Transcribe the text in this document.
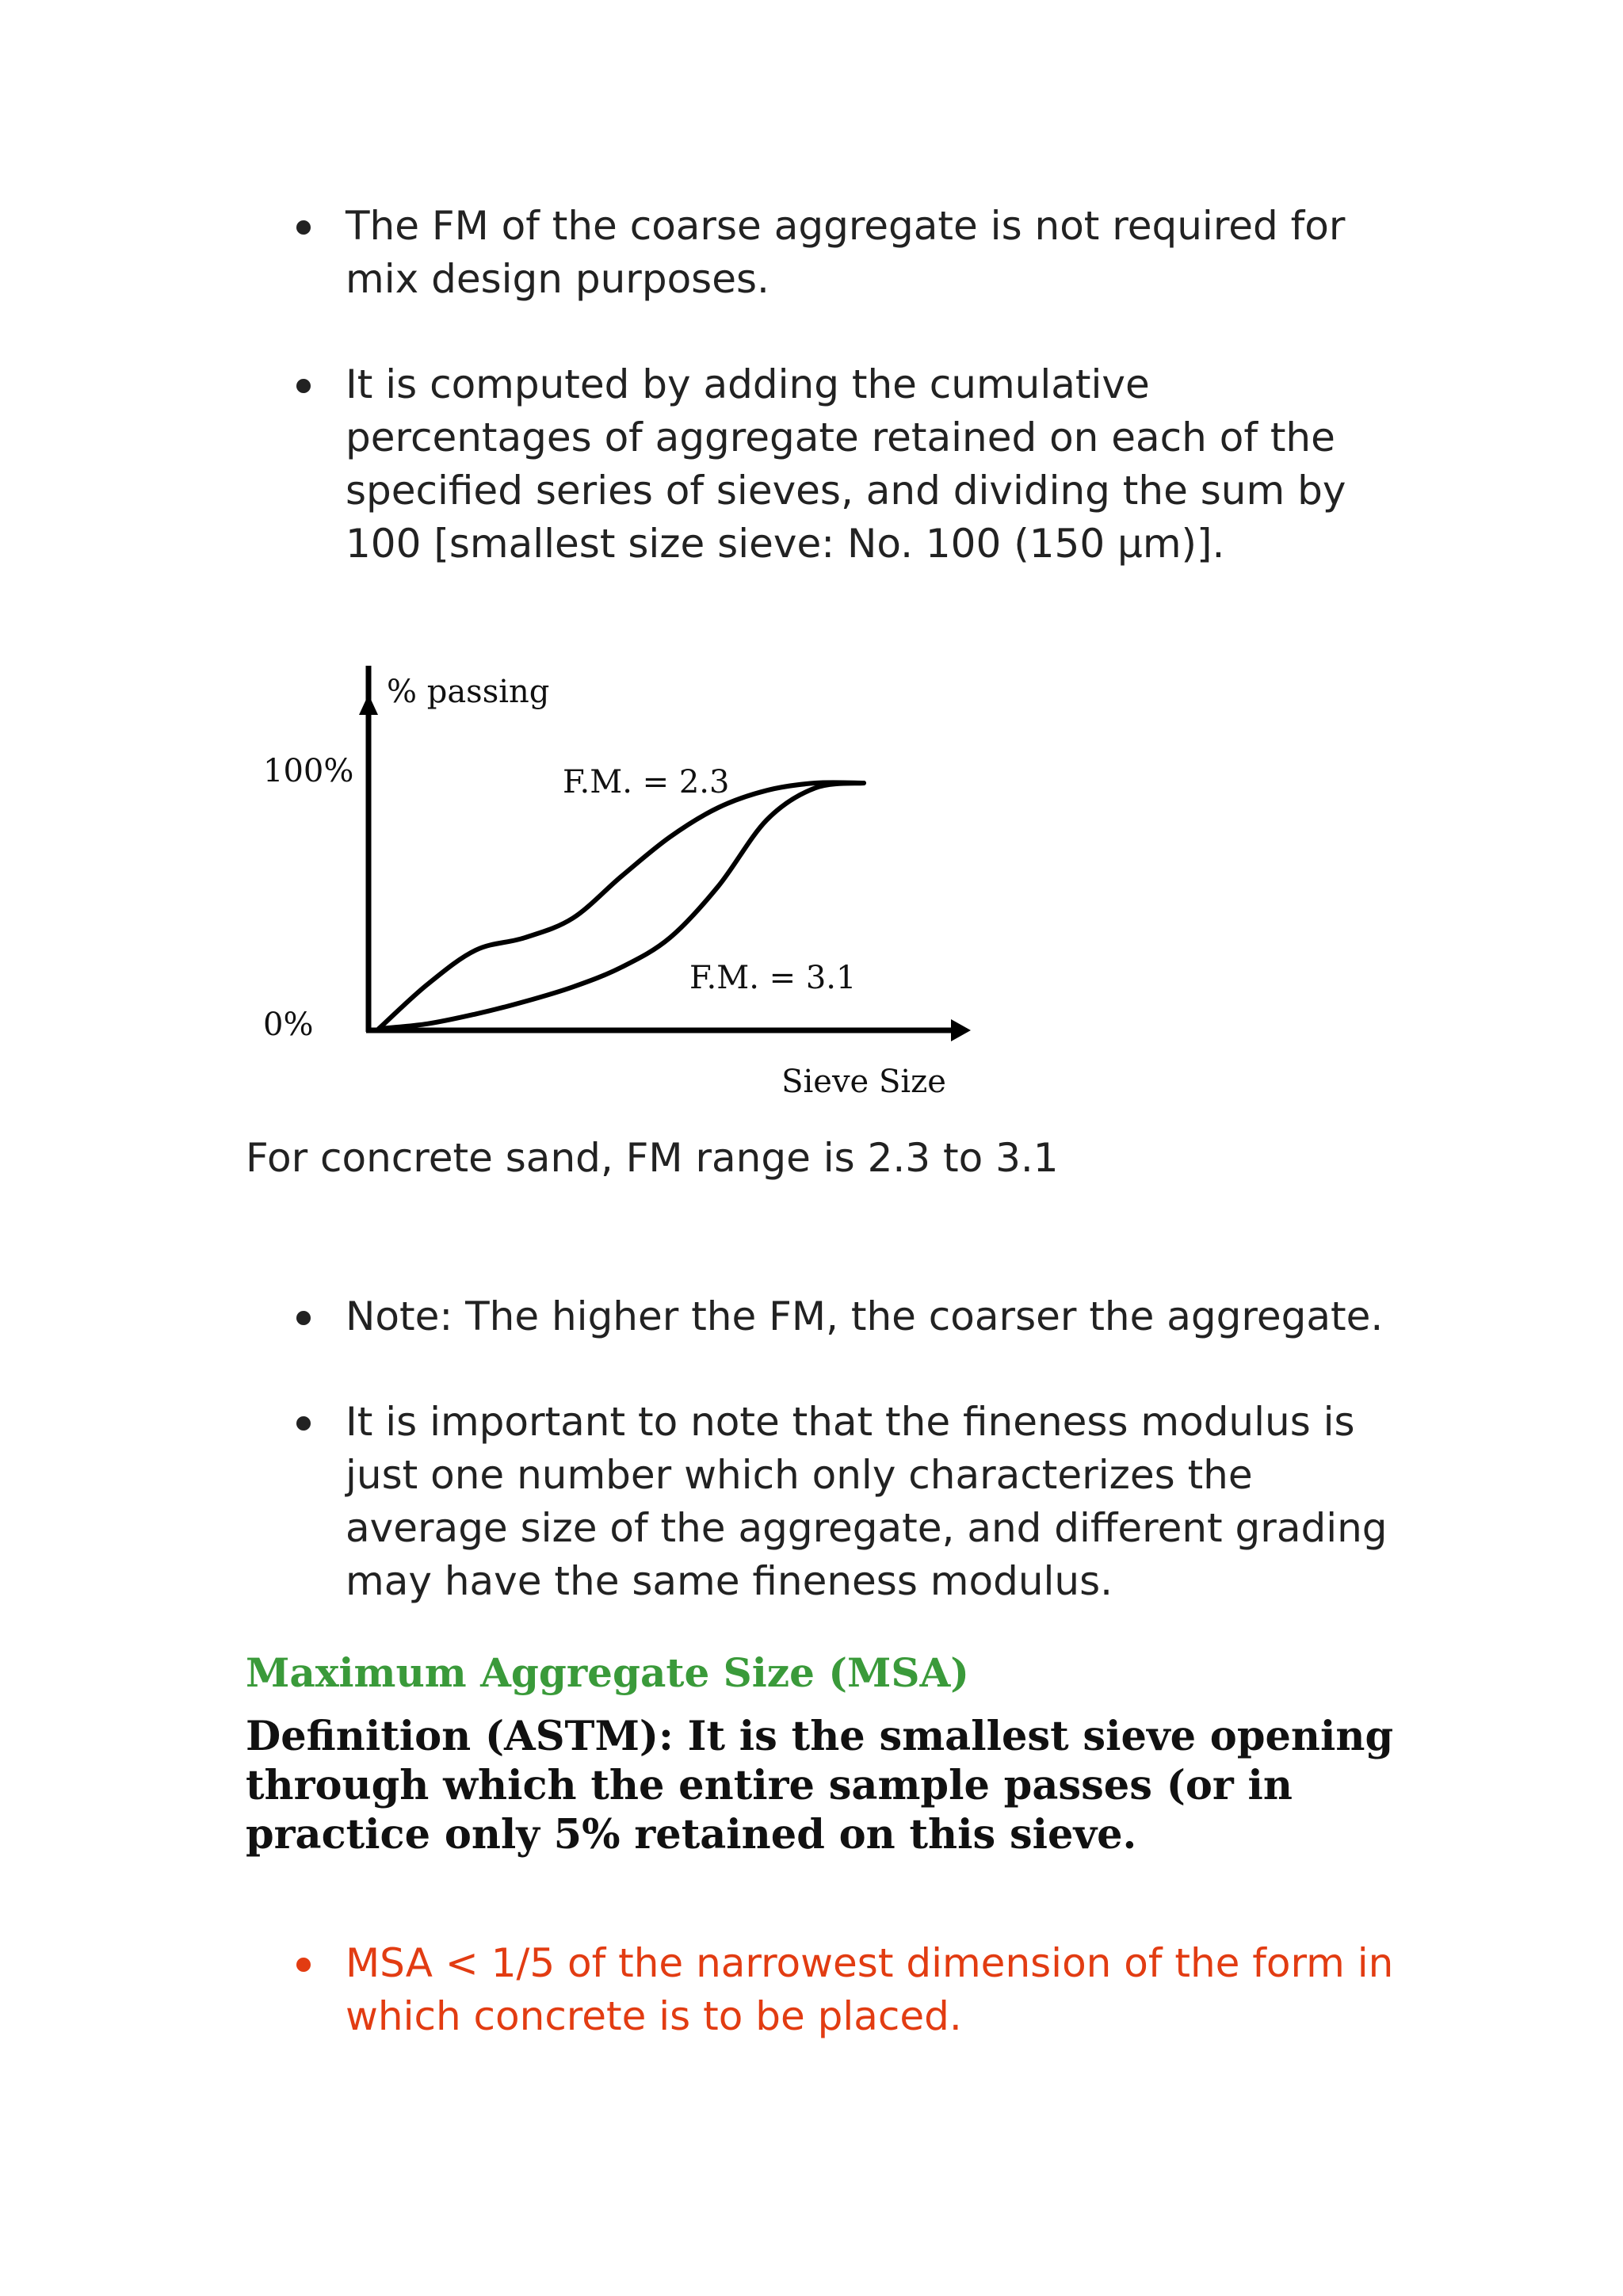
The FM of the coarse aggregate is not required for mix design purposes.
It is computed by adding the cumulative percentages of aggregate retained on each of the specified series of sieves, and dividing the sum by 100 [smallest size sieve: No. 100 (150 μm)].
% passing
Sieve Size
100%
0%
F.M. = 2.3
F.M. = 3.1
For concrete sand, FM range is 2.3 to 3.1
Note: The higher the FM, the coarser the aggregate.
It is important to note that the fineness modulus is just one number which only characterizes the average size of the aggregate, and different grading may have the same fineness modulus.
Maximum Aggregate Size (MSA)
Definition (ASTM): It is the smallest sieve opening through which the entire sample passes (or in practice only 5% retained on this sieve.
MSA < 1/5 of the narrowest dimension of the form in which concrete is to be placed.
